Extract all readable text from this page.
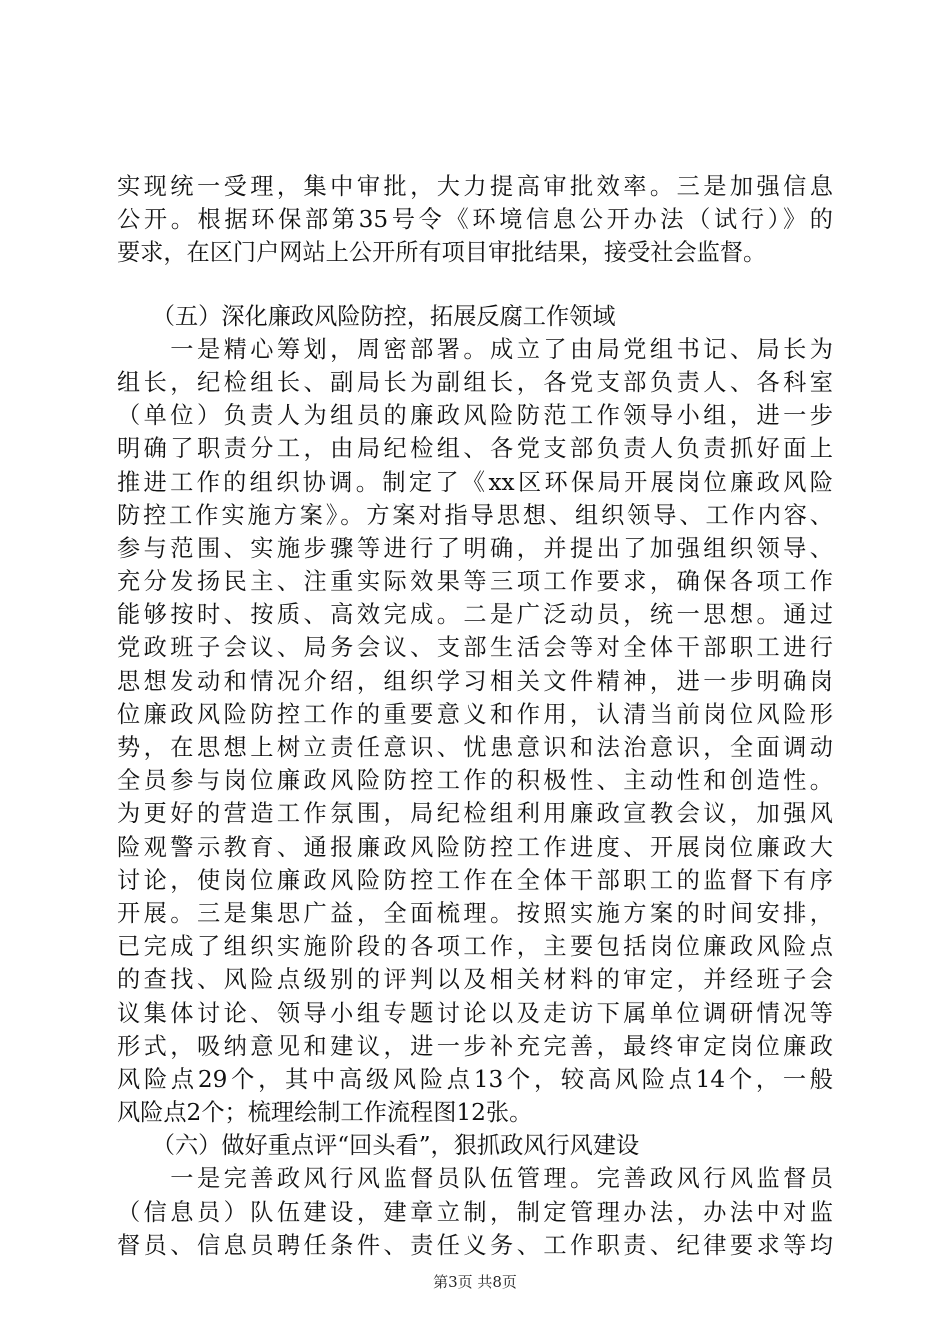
实现统一受理，集中审批，大力提高审批效率。三是加强信息
公开。根据环保部第35号令《环境信息公开办法（试行）》的
要求，在区门户网站上公开所有项目审批结果，接受社会监督。
　　（五）深化廉政风险防控，拓展反腐工作领域
　　一是精心筹划，周密部署。成立了由局党组书记、局长为
组长，纪检组长、副局长为副组长，各党支部负责人、各科室
（单位）负责人为组员的廉政风险防范工作领导小组，进一步
明确了职责分工，由局纪检组、各党支部负责人负责抓好面上
推进工作的组织协调。制定了《xx区环保局开展岗位廉政风险
防控工作实施方案》。方案对指导思想、组织领导、工作内容、
参与范围、实施步骤等进行了明确，并提出了加强组织领导、
充分发扬民主、注重实际效果等三项工作要求，确保各项工作
能够按时、按质、高效完成。二是广泛动员，统一思想。通过
党政班子会议、局务会议、支部生活会等对全体干部职工进行
思想发动和情况介绍，组织学习相关文件精神，进一步明确岗
位廉政风险防控工作的重要意义和作用，认清当前岗位风险形
势，在思想上树立责任意识、忧患意识和法治意识，全面调动
全员参与岗位廉政风险防控工作的积极性、主动性和创造性。
为更好的营造工作氛围，局纪检组利用廉政宣教会议，加强风
险观警示教育、通报廉政风险防控工作进度、开展岗位廉政大
讨论，使岗位廉政风险防控工作在全体干部职工的监督下有序
开展。三是集思广益，全面梳理。按照实施方案的时间安排，
已完成了组织实施阶段的各项工作，主要包括岗位廉政风险点
的查找、风险点级别的评判以及相关材料的审定，并经班子会
议集体讨论、领导小组专题讨论以及走访下属单位调研情况等
形式，吸纳意见和建议，进一步补充完善，最终审定岗位廉政
风险点29个，其中高级风险点13个，较高风险点14个，一般
风险点2个；梳理绘制工作流程图12张。
　　（六）做好重点评“回头看”，狠抓政风行风建设
　　一是完善政风行风监督员队伍管理。完善政风行风监督员
（信息员）队伍建设，建章立制，制定管理办法，办法中对监
督员、信息员聘任条件、责任义务、工作职责、纪律要求等均
第3页 共8页
